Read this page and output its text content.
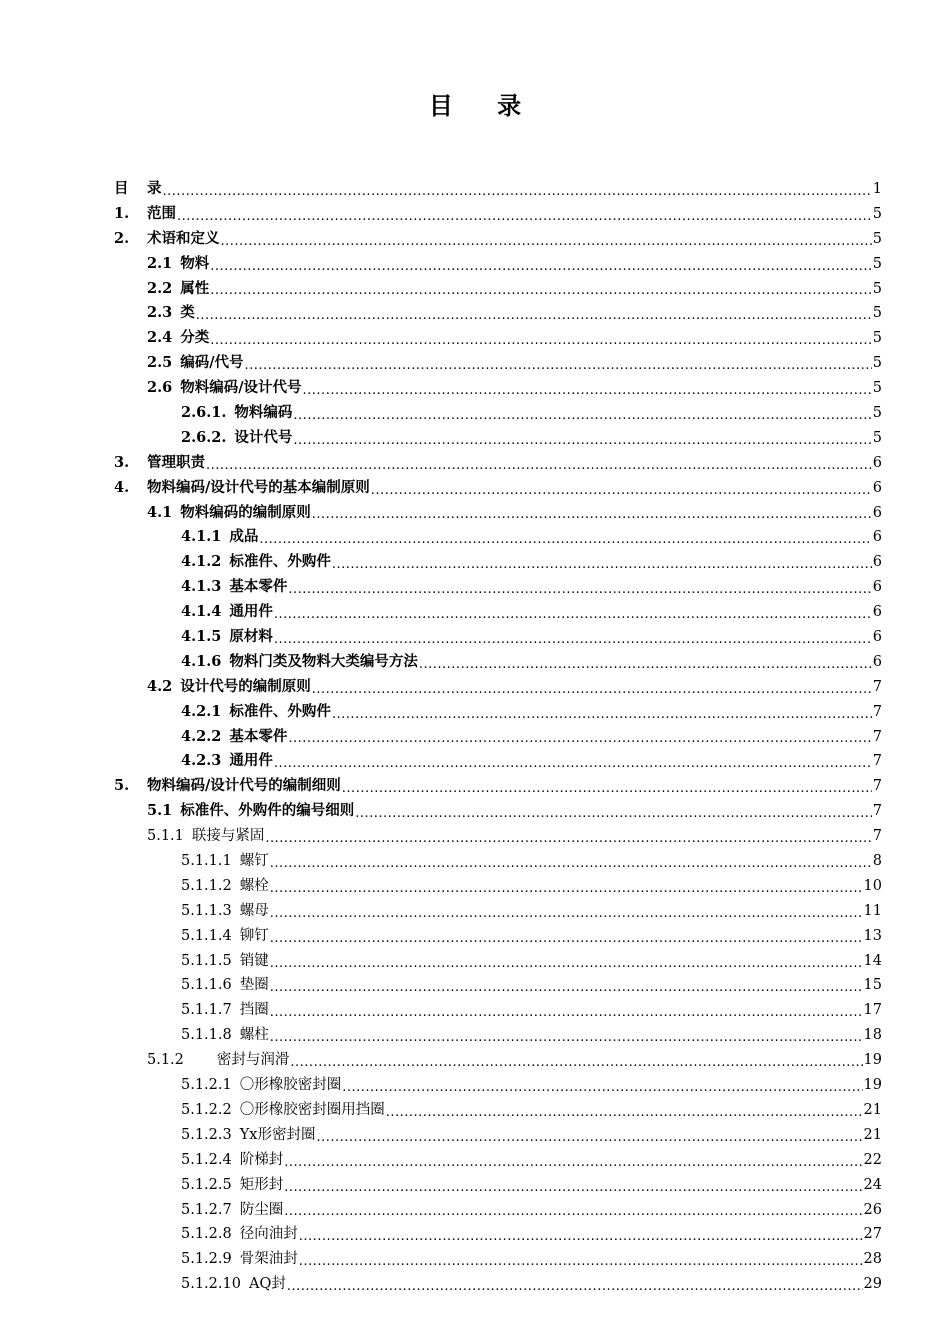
目 录
目	录 .....	1
1.	范围 .....	5
2.	术语和定义 .....	5
2.1 物料 .....	5
2.2 属性 .....	5
2.3 类 .....	5
2.4 分类 .....	5
2.5 编码/代号 .....	5
2.6 物料编码/设计代号 .....	5
2.6.1. 物料编码 .....	5
2.6.2. 设计代号 .....	5
3.	管理职责 .....	6
4.	物料编码/设计代号的基本编制原则 .....	6
4.1 物料编码的编制原则 .....	6
4.1.1 成品 .....	6
4.1.2 标准件、外购件 .....	6
4.1.3 基本零件 .....	6
4.1.4 通用件 .....	6
4.1.5 原材料 .....	6
4.1.6 物料门类及物料大类编号方法 .....	6
4.2 设计代号的编制原则 .....	7
4.2.1 标准件、外购件 .....	7
4.2.2 基本零件 .....	7
4.2.3 通用件 .....	7
5.	物料编码/设计代号的编制细则 .....	7
5.1 标准件、外购件的编号细则 .....	7
5.1.1 联接与紧固 .....	7
5.1.1.1 螺钉 .....	8
5.1.1.2 螺栓 .....	10
5.1.1.3 螺母 .....	11
5.1.1.4 铆钉 .....	13
5.1.1.5 销键 .....	14
5.1.1.6 垫圈 .....	15
5.1.1.7 挡圈 .....	17
5.1.1.8 螺柱 .....	18
5.1.2 密封与润滑 .....	19
5.1.2.1 〇形橡胶密封圈 .....	19
5.1.2.2 〇形橡胶密封圈用挡圈 .....	21
5.1.2.3 Yx形密封圈 .....	21
5.1.2.4 阶梯封 .....	22
5.1.2.5 矩形封 .....	24
5.1.2.7 防尘圈 .....	26
5.1.2.8 径向油封 .....	27
5.1.2.9 骨架油封 .....	28
5.1.2.10 AQ封 .....	29
